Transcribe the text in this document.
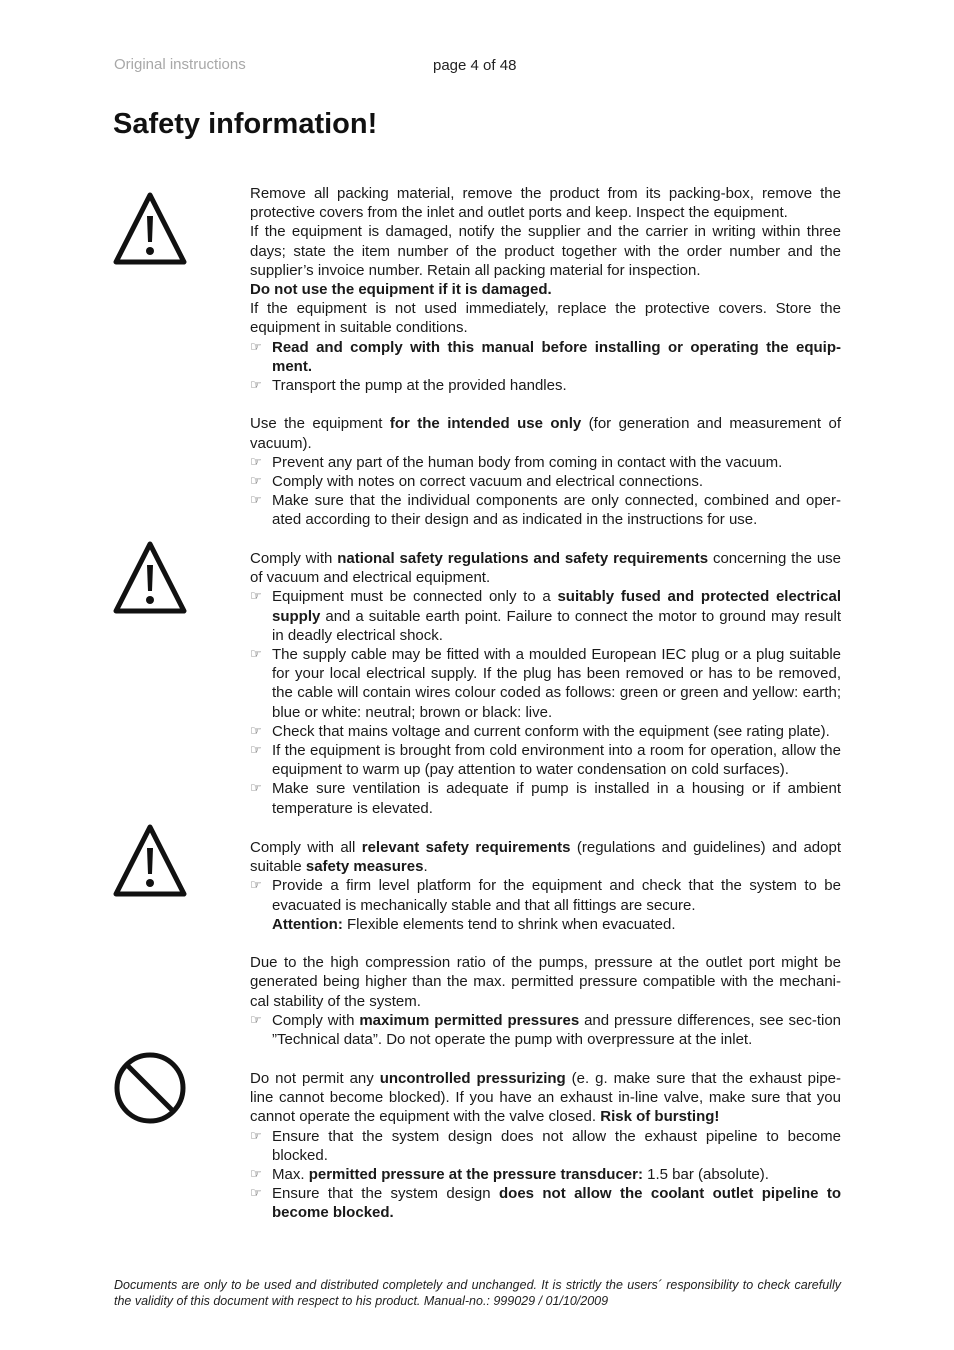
Original instructions	page 4 of 48
Safety information!

Remove all packing material, remove the product from its packing-box, remove the protective covers from the inlet and outlet ports and keep. Inspect the equipment.

If the equipment is damaged, notify the supplier and the carrier in writing within three days; state the item number of the product together with the order number and the supplier’s invoice number. Retain all packing material for inspection.

Do not use the equipment if it is damaged.

If the equipment is not used immediately, replace the protective covers. Store the equipment in suitable conditions.

☞ Read and comply with this manual before installing or operating the equip-ment.

☞ Transport the pump at the provided handles.

Use the equipment for the intended use only (for generation and measurement of vacuum).

☞ Prevent any part of the human body from coming in contact with the vacuum.

☞ Comply with notes on correct vacuum and electrical connections.

☞ Make sure that the individual components are only connected, combined and oper-ated according to their design and as indicated in the instructions for use.

Comply with national safety regulations and safety requirements concerning the use of vacuum and electrical equipment.

☞ Equipment must be connected only to a suitably fused and protected electrical supply and a suitable earth point. Failure to connect the motor to ground may result in deadly electrical shock.

☞ The supply cable may be fitted with a moulded European IEC plug or a plug suitable for your local electrical supply. If the plug has been removed or has to be removed, the cable will contain wires colour coded as follows: green or green and yellow: earth; blue or white: neutral; brown or black: live.

☞ Check that mains voltage and current conform with the equipment (see rating plate).

☞ If the equipment is brought from cold environment into a room for operation, allow the equipment to warm up (pay attention to water condensation on cold surfaces).

☞ Make sure ventilation is adequate if pump is installed in a housing or if ambient temperature is elevated.

Comply with all relevant safety requirements (regulations and guidelines) and adopt suitable safety measures.

☞ Provide a firm level platform for the equipment and check that the system to be evacuated is mechanically stable and that all fittings are secure.
Attention: Flexible elements tend to shrink when evacuated.

Due to the high compression ratio of the pumps, pressure at the outlet port might be generated being higher than the max. permitted pressure compatible with the mechani-cal stability of the system.

☞ Comply with maximum permitted pressures and pressure differences, see sec-tion ”Technical data”. Do not operate the pump with overpressure at the inlet.

Do not permit any uncontrolled pressurizing (e. g. make sure that the exhaust pipe-line cannot become blocked). If you have an exhaust in-line valve, make sure that you cannot operate the equipment with the valve closed. Risk of bursting!

☞ Ensure that the system design does not allow the exhaust pipeline to become blocked.

☞ Max. permitted pressure at the pressure transducer: 1.5 bar (absolute).

☞ Ensure that the system design does not allow the coolant outlet pipeline to become blocked.

Documents are only to be used and distributed completely and unchanged. It is strictly the users´ responsibility to check carefully the validity of this document with respect to his product. Manual-no.: 999029 / 01/10/2009
